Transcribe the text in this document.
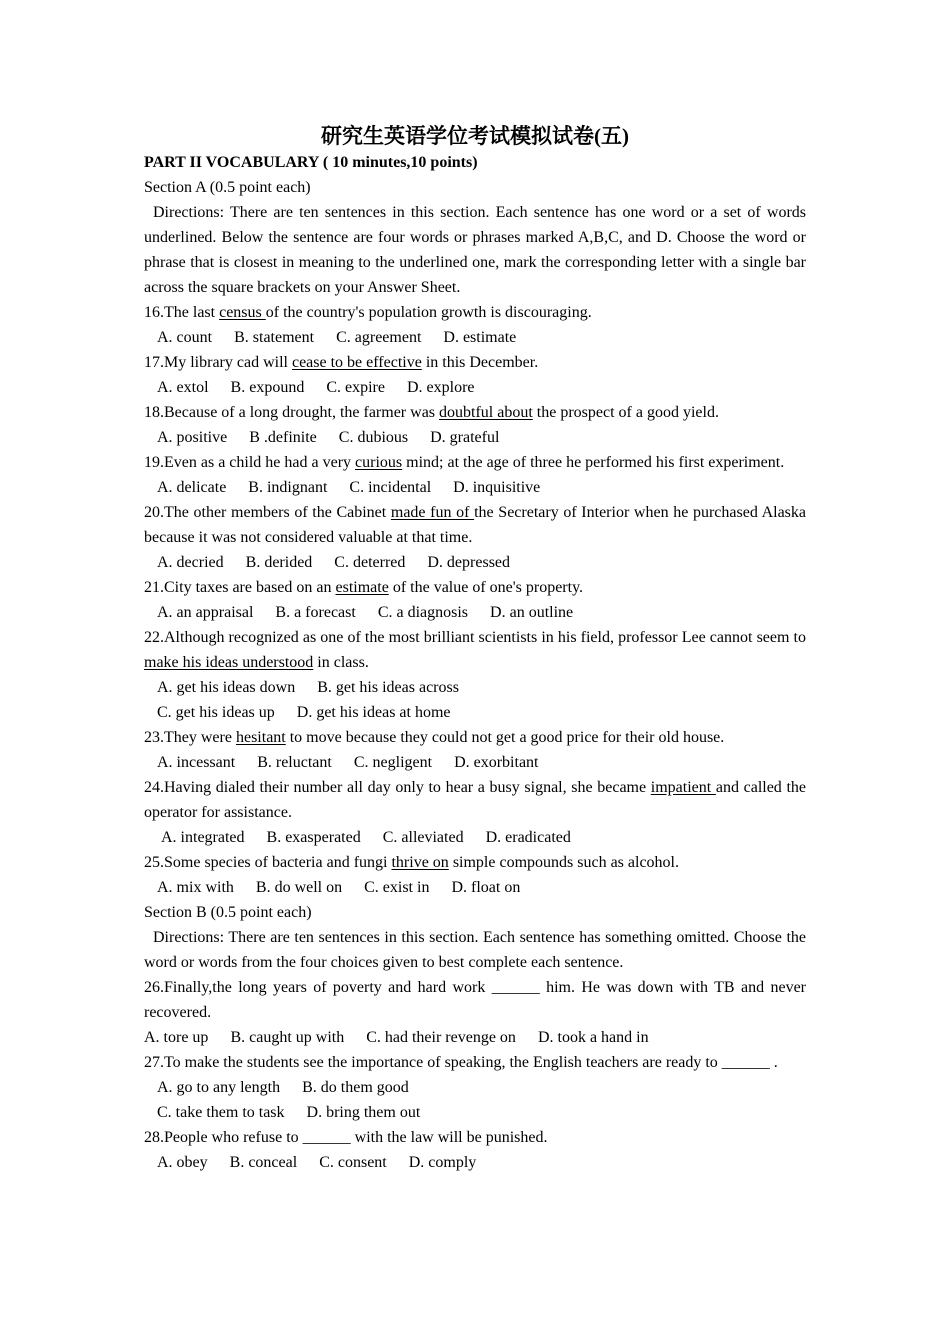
研究生英语学位考试模拟试卷(五)
PART II VOCABULARY ( 10 minutes,10 points)
Section A (0.5 point each)
Directions: There are ten sentences in this section. Each sentence has one word or a set of words underlined. Below the sentence are four words or phrases marked A,B,C, and D. Choose the word or phrase that is closest in meaning to the underlined one, mark the corresponding letter with a single bar across the square brackets on your Answer Sheet.
16.The last census of the country's population growth is discouraging.
A. count B. statement C. agreement D. estimate
17.My library cad will cease to be effective in this December.
A. extol B. expound C. expire D. explore
18.Because of a long drought, the farmer was doubtful about the prospect of a good yield.
A. positive B .definite C. dubious D. grateful
19.Even as a child he had a very curious mind; at the age of three he performed his first experiment.
A. delicate B. indignant C. incidental D. inquisitive
20.The other members of the Cabinet made fun of the Secretary of Interior when he purchased Alaska because it was not considered valuable at that time.
A. decried B. derided C. deterred D. depressed
21.City taxes are based on an estimate of the value of one's property.
A. an appraisal B. a forecast C. a diagnosis D. an outline
22.Although recognized as one of the most brilliant scientists in his field, professor Lee cannot seem to make his ideas understood in class.
A. get his ideas down B. get his ideas across
C. get his ideas up D. get his ideas at home
23.They were hesitant to move because they could not get a good price for their old house.
A. incessant B. reluctant C. negligent D. exorbitant
24.Having dialed their number all day only to hear a busy signal, she became impatient and called the operator for assistance.
A. integrated B. exasperated C. alleviated D. eradicated
25.Some species of bacteria and fungi thrive on simple compounds such as alcohol.
A. mix with B. do well on C. exist in D. float on
Section B (0.5 point each)
Directions: There are ten sentences in this section. Each sentence has something omitted. Choose the word or words from the four choices given to best complete each sentence.
26.Finally,the long years of poverty and hard work ______ him. He was down with TB and never recovered.
A. tore up B. caught up with C. had their revenge on D. took a hand in
27.To make the students see the importance of speaking, the English teachers are ready to ______ .
A. go to any length B. do them good
C. take them to task D. bring them out
28.People who refuse to ______ with the law will be punished.
A. obey B. conceal C. consent D. comply
